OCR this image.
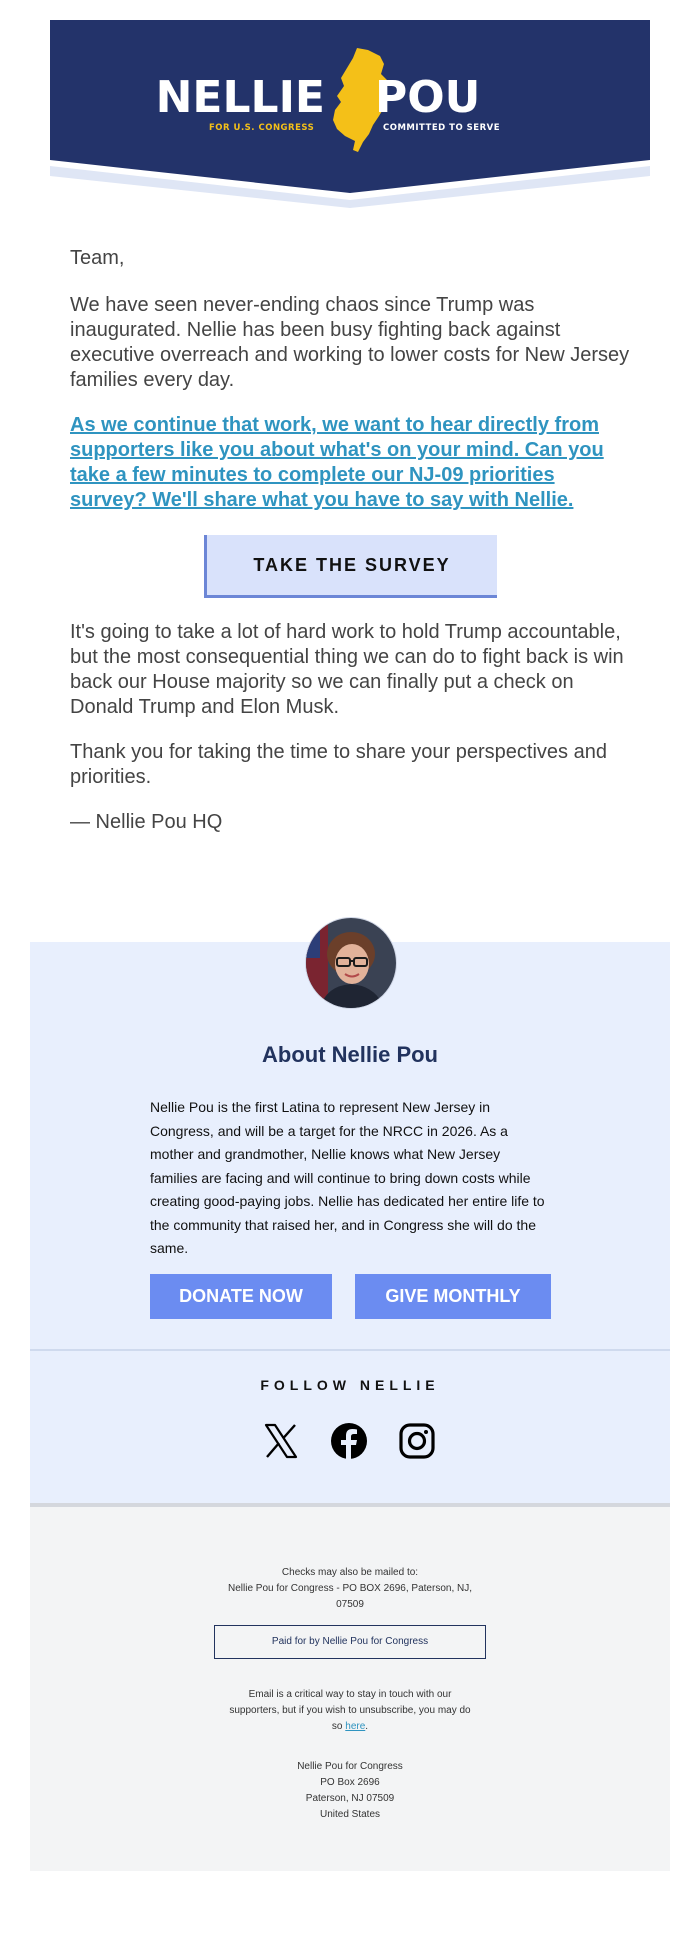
NELLIE POU
FOR U.S. CONGRESS	COMMITTED TO SERVE

Team,

We have seen never-ending chaos since Trump was inaugurated. Nellie has been busy fighting back against executive overreach and working to lower costs for New Jersey families every day.

As we continue that work, we want to hear directly from supporters like you about what's on your mind. Can you take a few minutes to complete our NJ-09 priorities survey? We'll share what you have to say with Nellie.
TAKE THE SURVEY

It's going to take a lot of hard work to hold Trump accountable, but the most consequential thing we can do to fight back is win back our House majority so we can finally put a check on Donald Trump and Elon Musk.

Thank you for taking the time to share your perspectives and priorities.

— Nellie Pou HQ

About Nellie Pou
Nellie Pou is the first Latina to represent New Jersey in Congress, and will be a target for the NRCC in 2026. As a mother and grandmother, Nellie knows what New Jersey families are facing and will continue to bring down costs while creating good-paying jobs. Nellie has dedicated her entire life to the community that raised her, and in Congress she will do the same.
DONATE NOW	GIVE MONTHLY
FOLLOW NELLIE
Checks may also be mailed to:
Nellie Pou for Congress - PO BOX 2696, Paterson, NJ, 07509
Paid for by Nellie Pou for Congress
Email is a critical way to stay in touch with our supporters, but if you wish to unsubscribe, you may do so here.
Nellie Pou for Congress
PO Box 2696
Paterson, NJ 07509
United States
